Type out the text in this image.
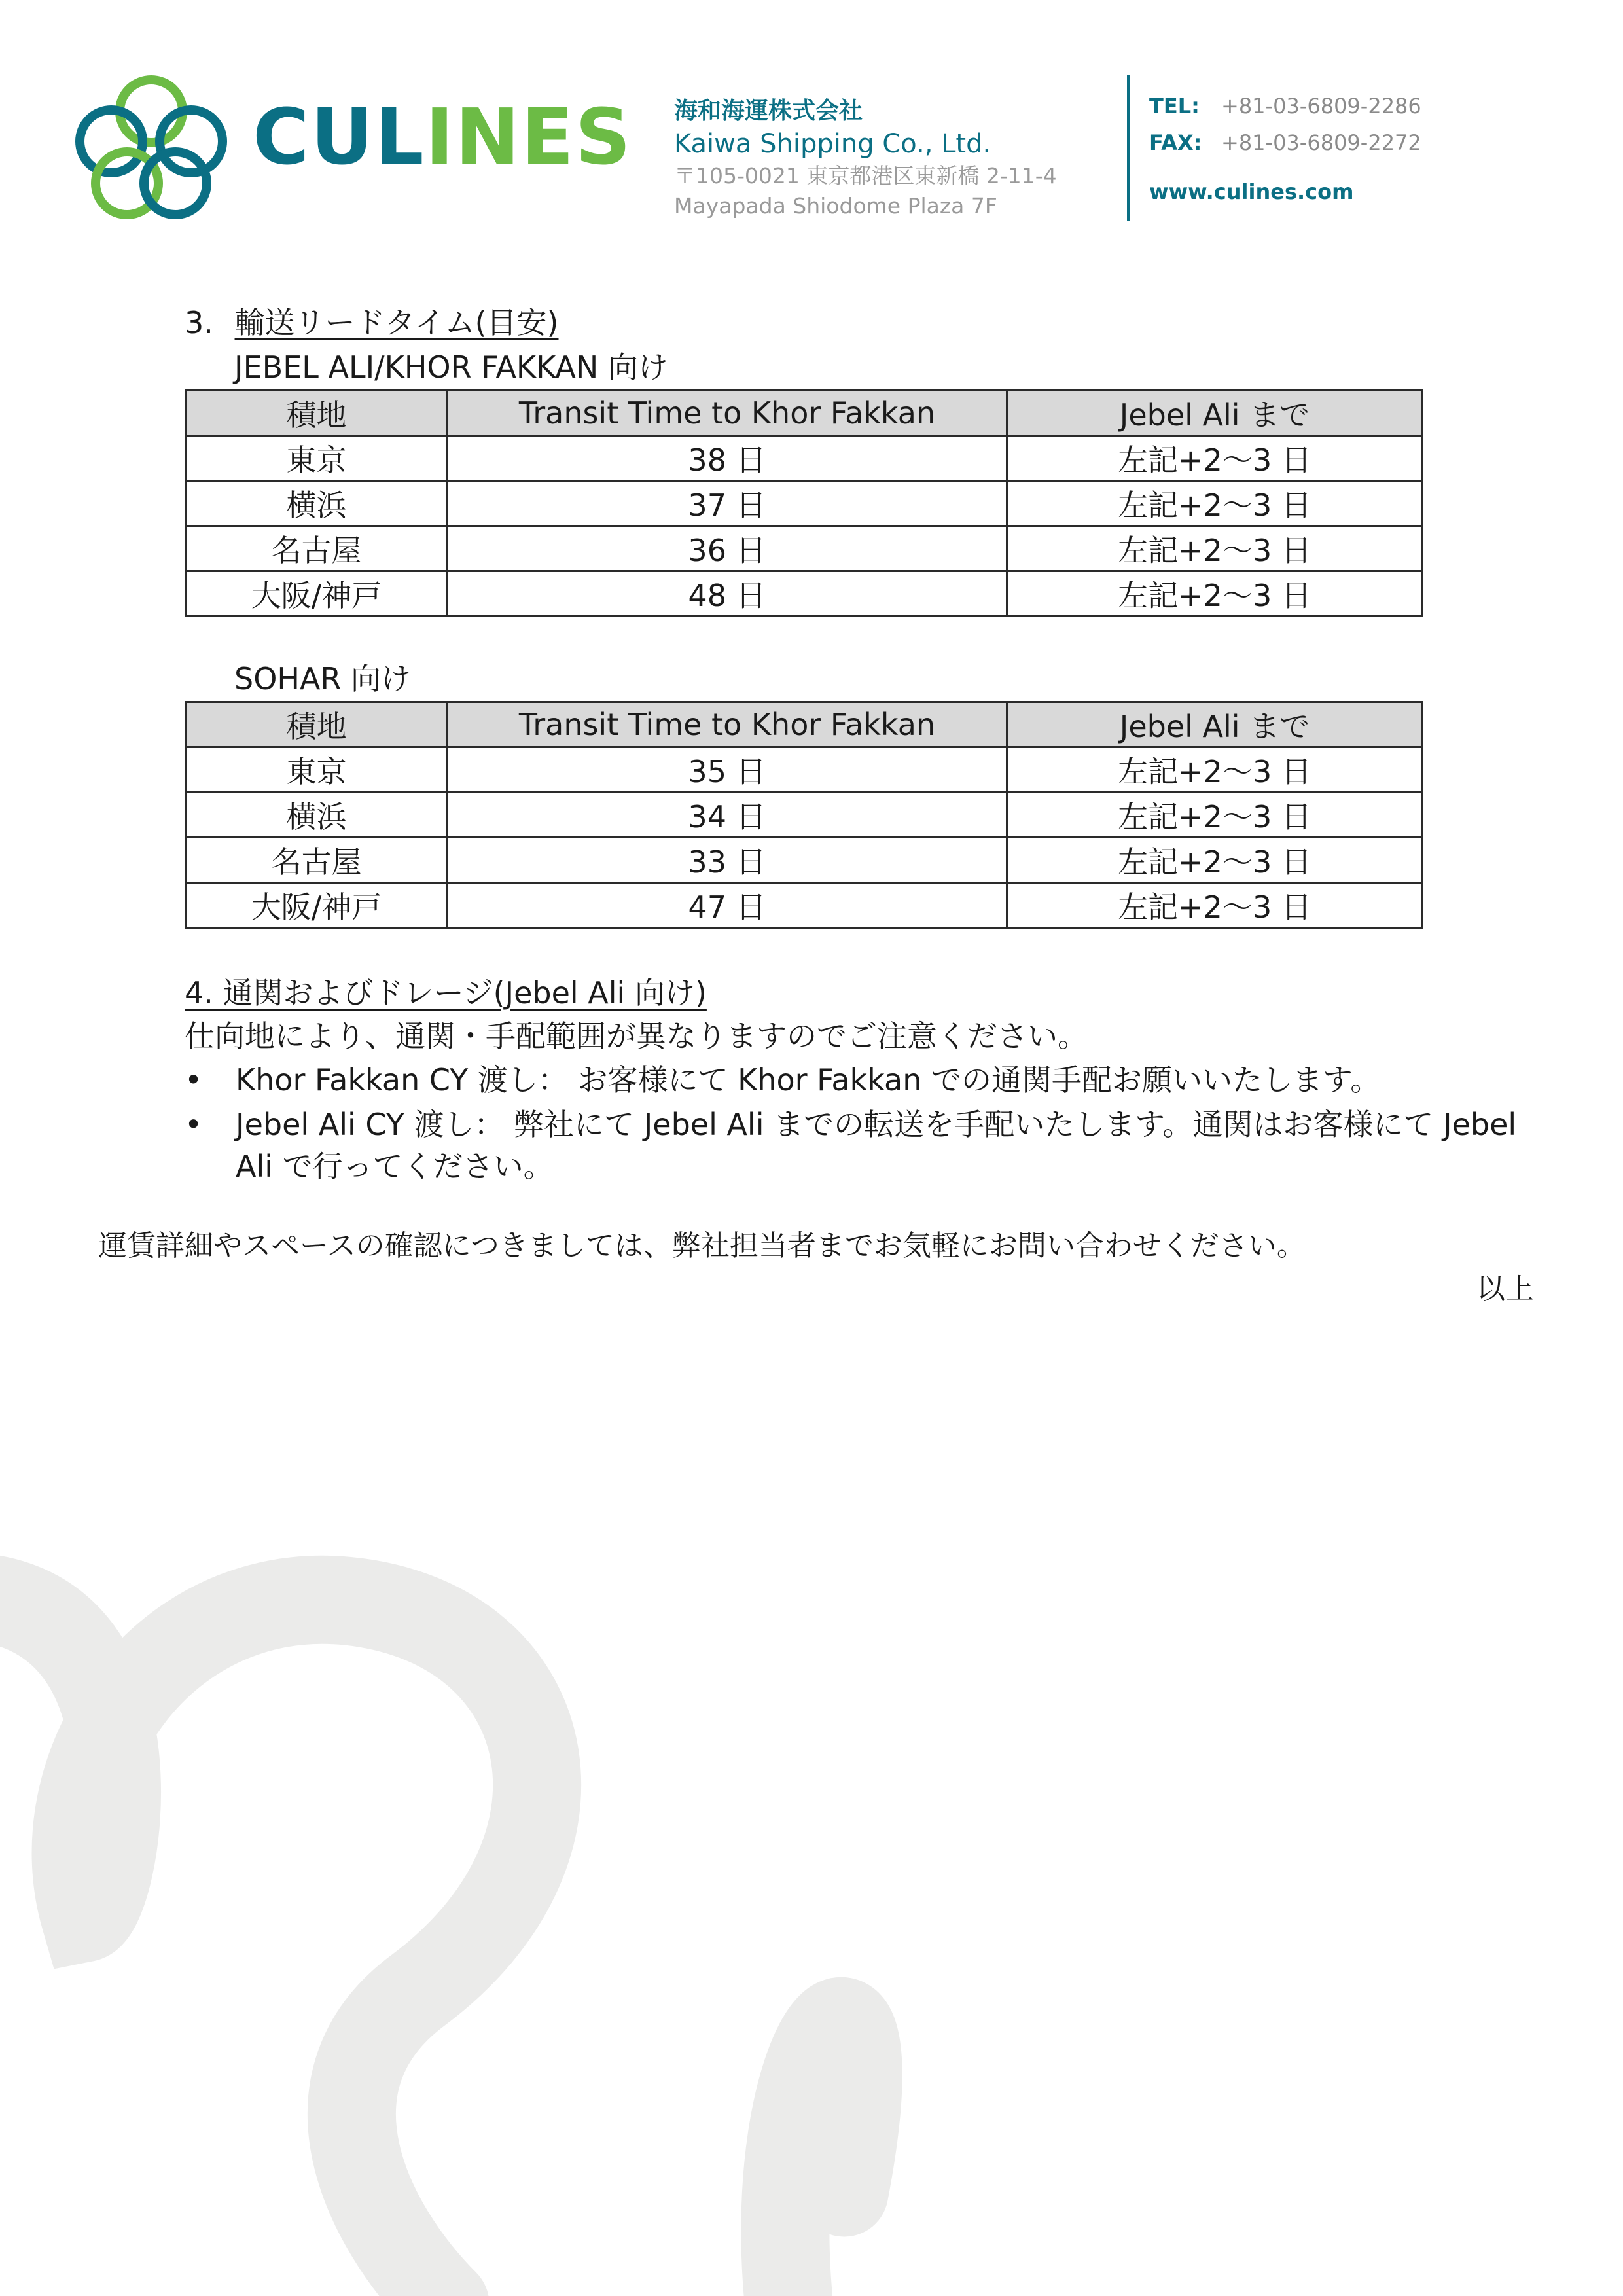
CULINES 海和海運株式会社
Kaiwa Shipping Co., Ltd.
〒105-0021 東京都港区東新橋 2-11-4
Mayapada Shiodome Plaza 7F
TEL:	+81-03-6809-2286
FAX: +81-03-6809-2272
www.culines.com
3. 輸送リードタイム(目安)
JEBEL ALI/KHOR FAKKAN 向け
積地	Transit Time to Khor Fakkan	Jebel Ali まで
東京	38 日	左記+2～3 日
横浜	37 日	左記+2～3 日
名古屋	36 日	左記+2～3 日
大阪/神戸	48 日	左記+2～3 日
SOHAR 向け
積地	Transit Time to Khor Fakkan	Jebel Ali まで
東京	35 日	左記+2～3 日
横浜	34 日	左記+2～3 日
名古屋	33 日	左記+2～3 日
大阪/神戸	47 日	左記+2～3 日
4. 通関およびドレージ(Jebel Ali 向け)
仕向地により、通関・手配範囲が異なりますのでご注意ください。
•	Khor Fakkan CY 渡し： お客様にて Khor Fakkan での通関手配お願いいたします。
•	Jebel Ali CY 渡し： 弊社にて Jebel Ali までの転送を手配いたします。通関はお客様にて Jebel Ali で行ってください。
運賃詳細やスペースの確認につきましては、弊社担当者までお気軽にお問い合わせください。
以上
